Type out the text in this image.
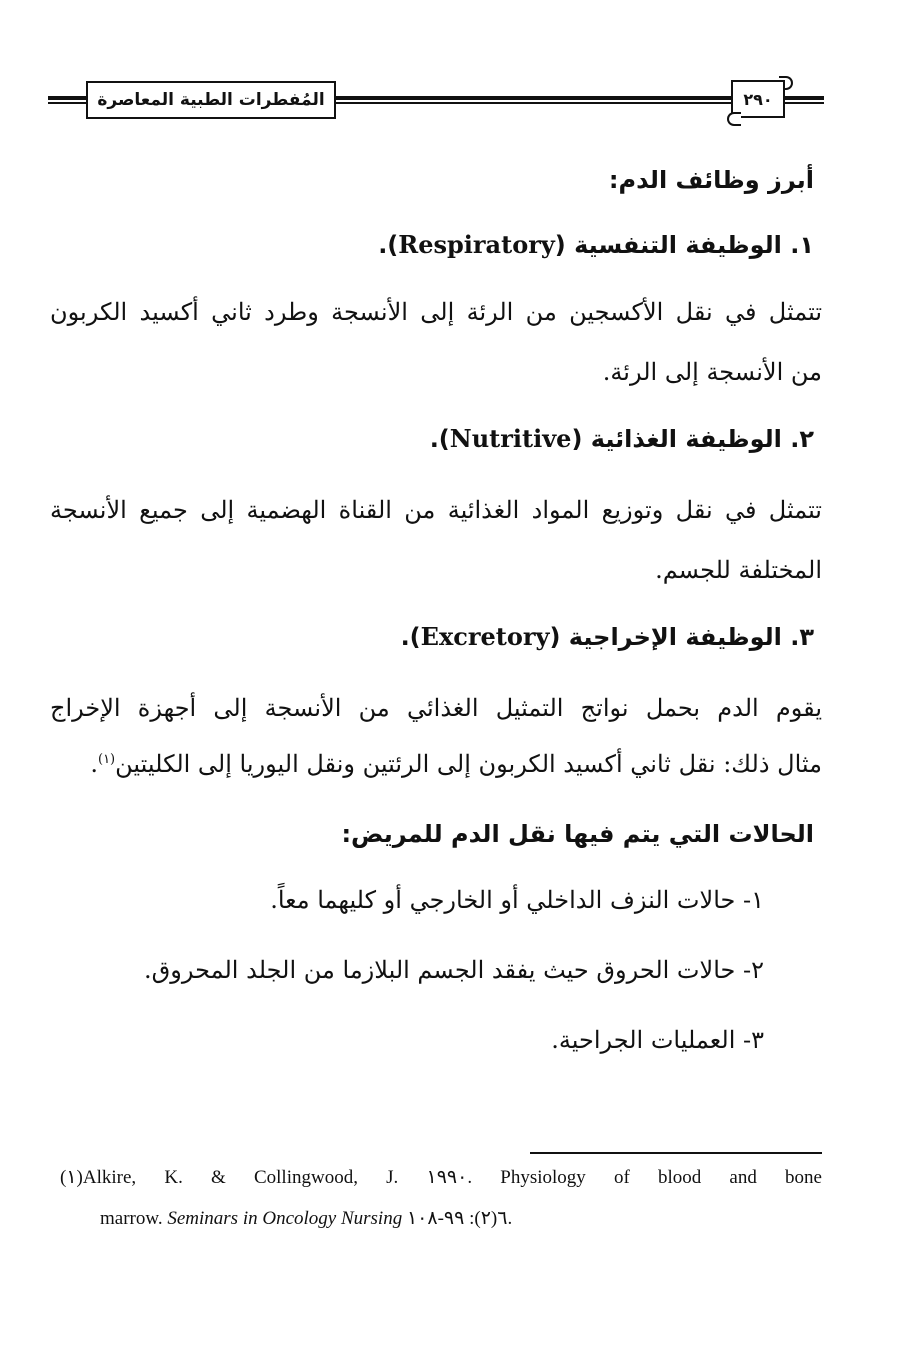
المُفطرات الطبية المعاصرة	٢٩٠
أبرز وظائف الدم:
١. الوظيفة التنفسية (Respiratory).
تتمثل في نقل الأكسجين من الرئة إلى الأنسجة وطرد ثاني أكسيد الكربون
من الأنسجة إلى الرئة.
٢. الوظيفة الغذائية (Nutritive).
تتمثل في نقل وتوزيع المواد الغذائية من القناة الهضمية إلى جميع الأنسجة
المختلفة للجسم.
٣. الوظيفة الإخراجية (Excretory).
يقوم الدم بحمل نواتج التمثيل الغذائي من الأنسجة إلى أجهزة الإخراج
مثال ذلك: نقل ثاني أكسيد الكربون إلى الرئتين ونقل اليوريا إلى الكليتين$^{(١)}$.
الحالات التي يتم فيها نقل الدم للمريض:
١- حالات النزف الداخلي أو الخارجي أو كليهما معاً.
٢- حالات الحروق حيث يفقد الجسم البلازما من الجلد المحروق.
٣- العمليات الجراحية.
(١)Alkire, K. & Collingwood, J. ١٩٩٠. Physiology of blood and bone
marrow. Seminars in Oncology Nursing ٦(٢): ٩٩-١٠٨.
